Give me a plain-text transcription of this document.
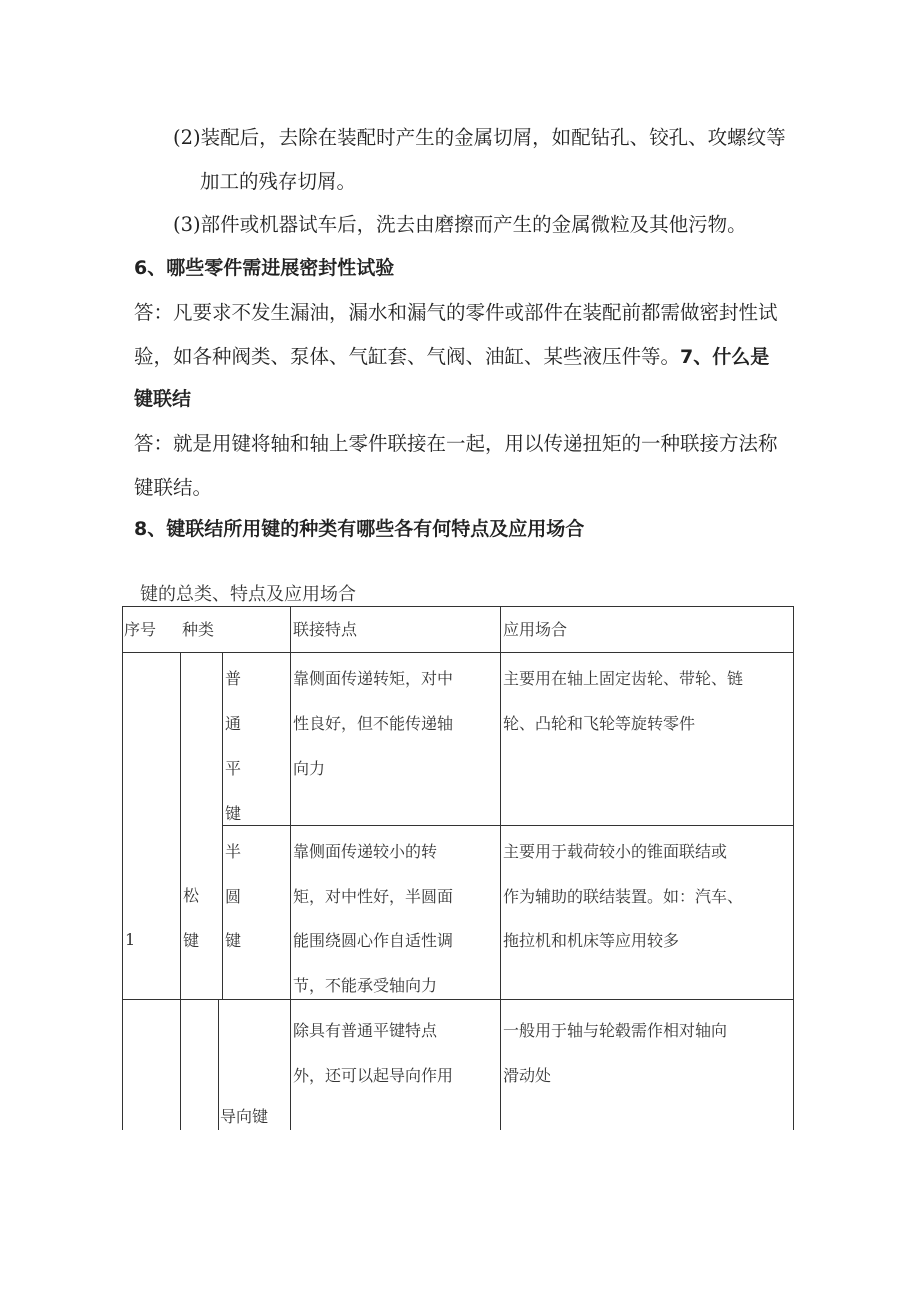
(2)装配后，去除在装配时产生的金属切屑，如配钻孔、铰孔、攻螺纹等
加工的残存切屑。
(3)部件或机器试车后，洗去由磨擦而产生的金属微粒及其他污物。
6、哪些零件需进展密封性试验
答：凡要求不发生漏油，漏水和漏气的零件或部件在装配前都需做密封性试
验，如各种阀类、泵体、气缸套、气阀、油缸、某些液压件等。7、什么是
键联结
答：就是用键将轴和轴上零件联接在一起，用以传递扭矩的一种联接方法称
键联结。
8、键联结所用键的种类有哪些各有何特点及应用场合
键的总类、特点及应用场合
序号 种类	联接特点	应用场合
1
松
键
普
通
平
键
靠侧面传递转矩，对中
性良好，但不能传递轴
向力
主要用在轴上固定齿轮、带轮、链
轮、凸轮和飞轮等旋转零件
半
圆
键
靠侧面传递较小的转
矩，对中性好，半圆面
能围绕圆心作自适性调
节，不能承受轴向力
主要用于载荷较小的锥面联结或
作为辅助的联结装置。如：汽车、
拖拉机和机床等应用较多
导向键
除具有普通平键特点
外，还可以起导向作用
一般用于轴与轮毂需作相对轴向
滑动处
